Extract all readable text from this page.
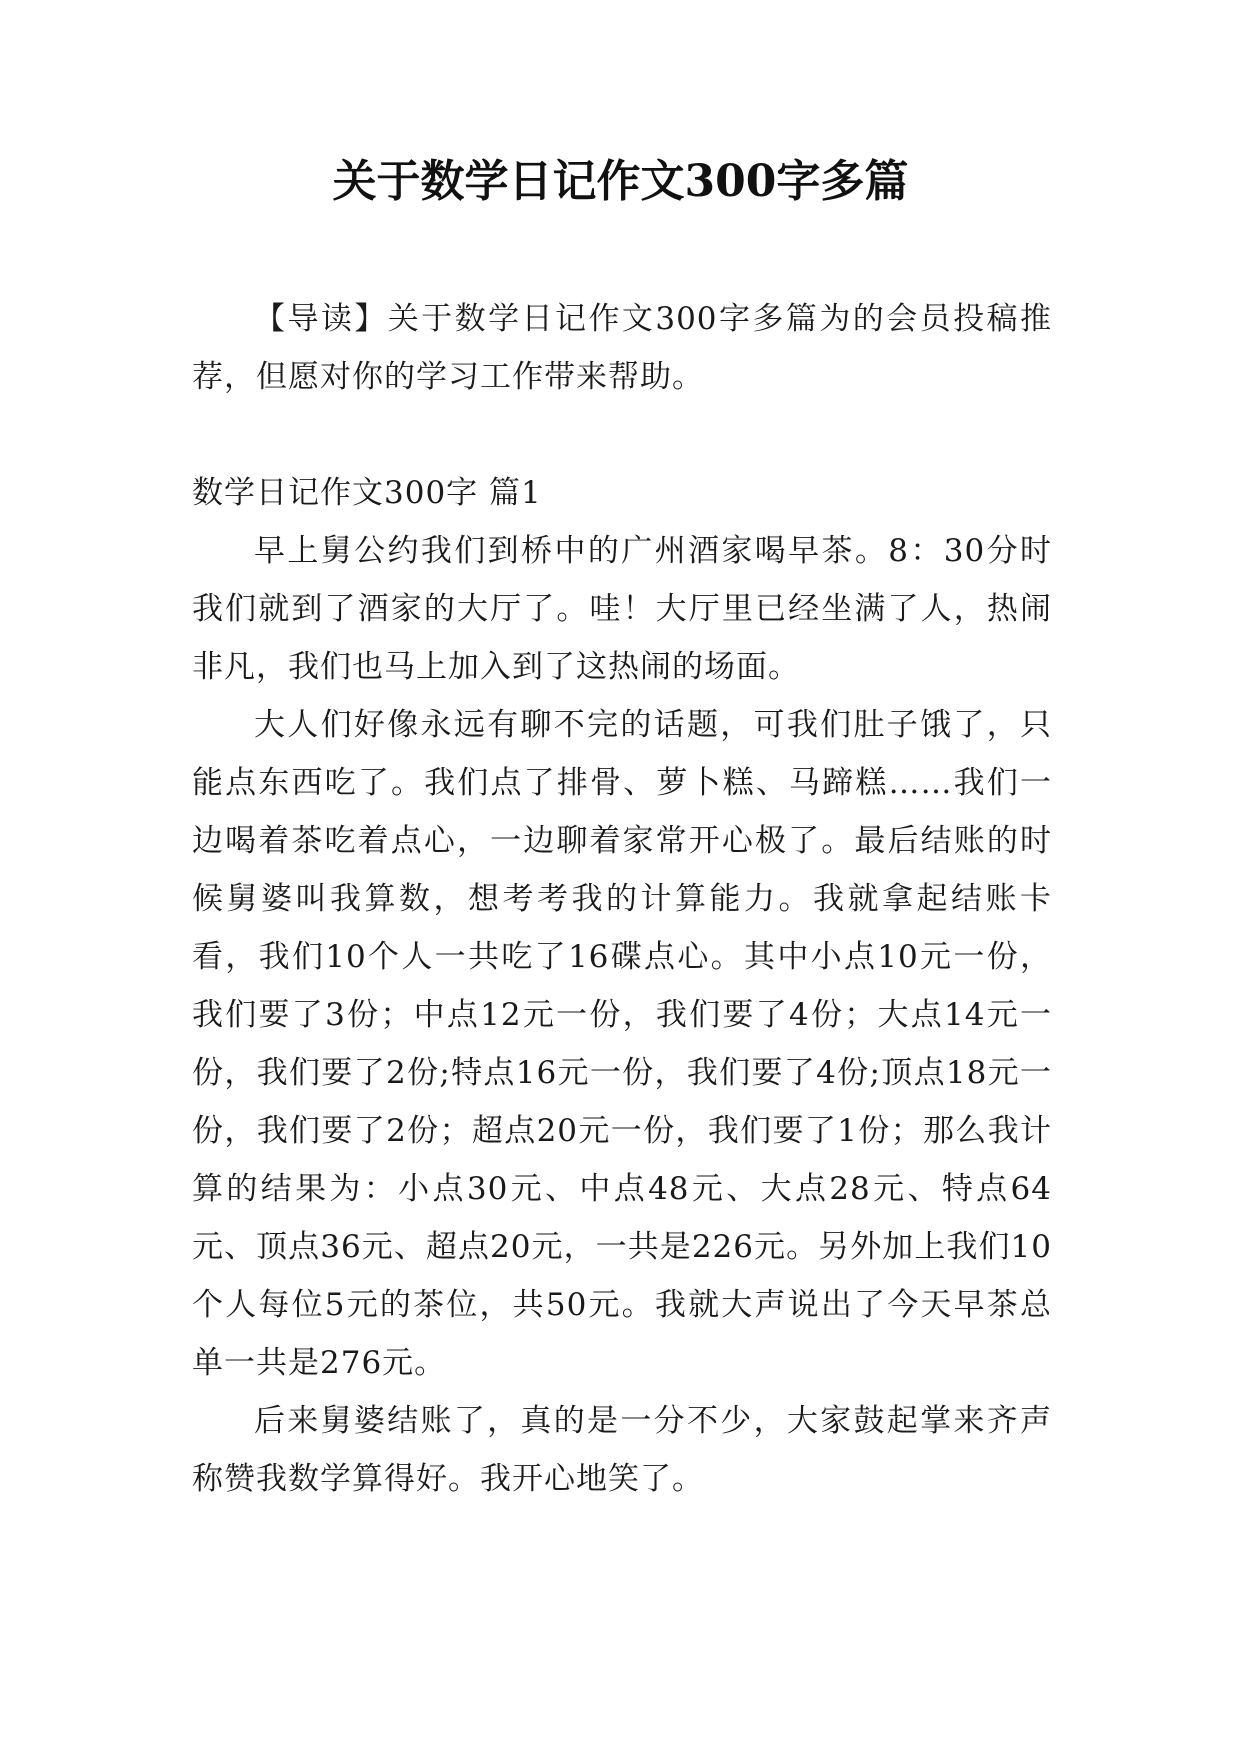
关于数学日记作文300字多篇

【导读】关于数学日记作文300字多篇为的会员投稿推荐，但愿对你的学习工作带来帮助。

数学日记作文300字 篇1

早上舅公约我们到桥中的广州酒家喝早茶。8：30分时我们就到了酒家的大厅了。哇！大厅里已经坐满了人，热闹非凡，我们也马上加入到了这热闹的场面。

大人们好像永远有聊不完的话题，可我们肚子饿了，只能点东西吃了。我们点了排骨、萝卜糕、马蹄糕……我们一边喝着茶吃着点心，一边聊着家常开心极了。最后结账的时候舅婆叫我算数，想考考我的计算能力。我就拿起结账卡看，我们10个人一共吃了16碟点心。其中小点10元一份，我们要了3份；中点12元一份，我们要了4份；大点14元一份，我们要了2份;特点16元一份，我们要了4份;顶点18元一份，我们要了2份；超点20元一份，我们要了1份；那么我计算的结果为：小点30元、中点48元、大点28元、特点64元、顶点36元、超点20元，一共是226元。另外加上我们10个人每位5元的茶位，共50元。我就大声说出了今天早茶总单一共是276元。

后来舅婆结账了，真的是一分不少，大家鼓起掌来齐声称赞我数学算得好。我开心地笑了。
